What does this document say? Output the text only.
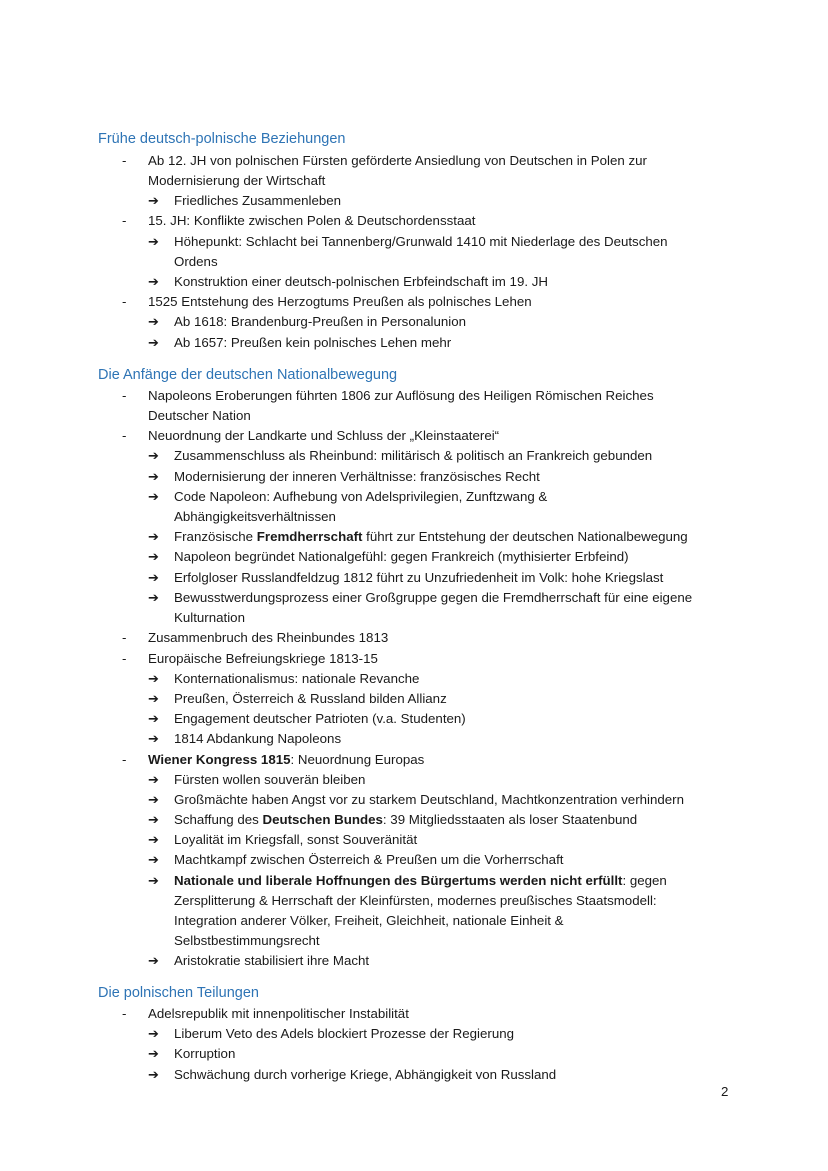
Frühe deutsch-polnische Beziehungen
- Ab 12. JH von polnischen Fürsten geförderte Ansiedlung von Deutschen in Polen zur
Modernisierung der Wirtschaft
➔ Friedliches Zusammenleben
- 15. JH: Konflikte zwischen Polen & Deutschordensstaat
➔ Höhepunkt: Schlacht bei Tannenberg/Grunwald 1410 mit Niederlage des Deutschen
Ordens
➔ Konstruktion einer deutsch-polnischen Erbfeindschaft im 19. JH
- 1525 Entstehung des Herzogtums Preußen als polnisches Lehen
➔ Ab 1618: Brandenburg-Preußen in Personalunion
➔ Ab 1657: Preußen kein polnisches Lehen mehr
Die Anfänge der deutschen Nationalbewegung
- Napoleons Eroberungen führten 1806 zur Auflösung des Heiligen Römischen Reiches
Deutscher Nation
- Neuordnung der Landkarte und Schluss der „Kleinstaaterei“
➔ Zusammenschluss als Rheinbund: militärisch & politisch an Frankreich gebunden
➔ Modernisierung der inneren Verhältnisse: französisches Recht
➔ Code Napoleon: Aufhebung von Adelsprivilegien, Zunftzwang &
Abhängigkeitsverhältnissen
➔ Französische Fremdherrschaft führt zur Entstehung der deutschen Nationalbewegung
➔ Napoleon begründet Nationalgefühl: gegen Frankreich (mythisierter Erbfeind)
➔ Erfolgloser Russlandfeldzug 1812 führt zu Unzufriedenheit im Volk: hohe Kriegslast
➔ Bewusstwerdungsprozess einer Großgruppe gegen die Fremdherrschaft für eine eigene
Kulturnation
- Zusammenbruch des Rheinbundes 1813
- Europäische Befreiungskriege 1813-15
➔ Konternationalismus: nationale Revanche
➔ Preußen, Österreich & Russland bilden Allianz
➔ Engagement deutscher Patrioten (v.a. Studenten)
➔ 1814 Abdankung Napoleons
- Wiener Kongress 1815: Neuordnung Europas
➔ Fürsten wollen souverän bleiben
➔ Großmächte haben Angst vor zu starkem Deutschland, Machtkonzentration verhindern
➔ Schaffung des Deutschen Bundes: 39 Mitgliedsstaaten als loser Staatenbund
➔ Loyalität im Kriegsfall, sonst Souveränität
➔ Machtkampf zwischen Österreich & Preußen um die Vorherrschaft
➔ Nationale und liberale Hoffnungen des Bürgertums werden nicht erfüllt: gegen
Zersplitterung & Herrschaft der Kleinfürsten, modernes preußisches Staatsmodell:
Integration anderer Völker, Freiheit, Gleichheit, nationale Einheit &
Selbstbestimmungsrecht
➔ Aristokratie stabilisiert ihre Macht
Die polnischen Teilungen
- Adelsrepublik mit innenpolitischer Instabilität
➔ Liberum Veto des Adels blockiert Prozesse der Regierung
➔ Korruption
➔ Schwächung durch vorherige Kriege, Abhängigkeit von Russland
2
